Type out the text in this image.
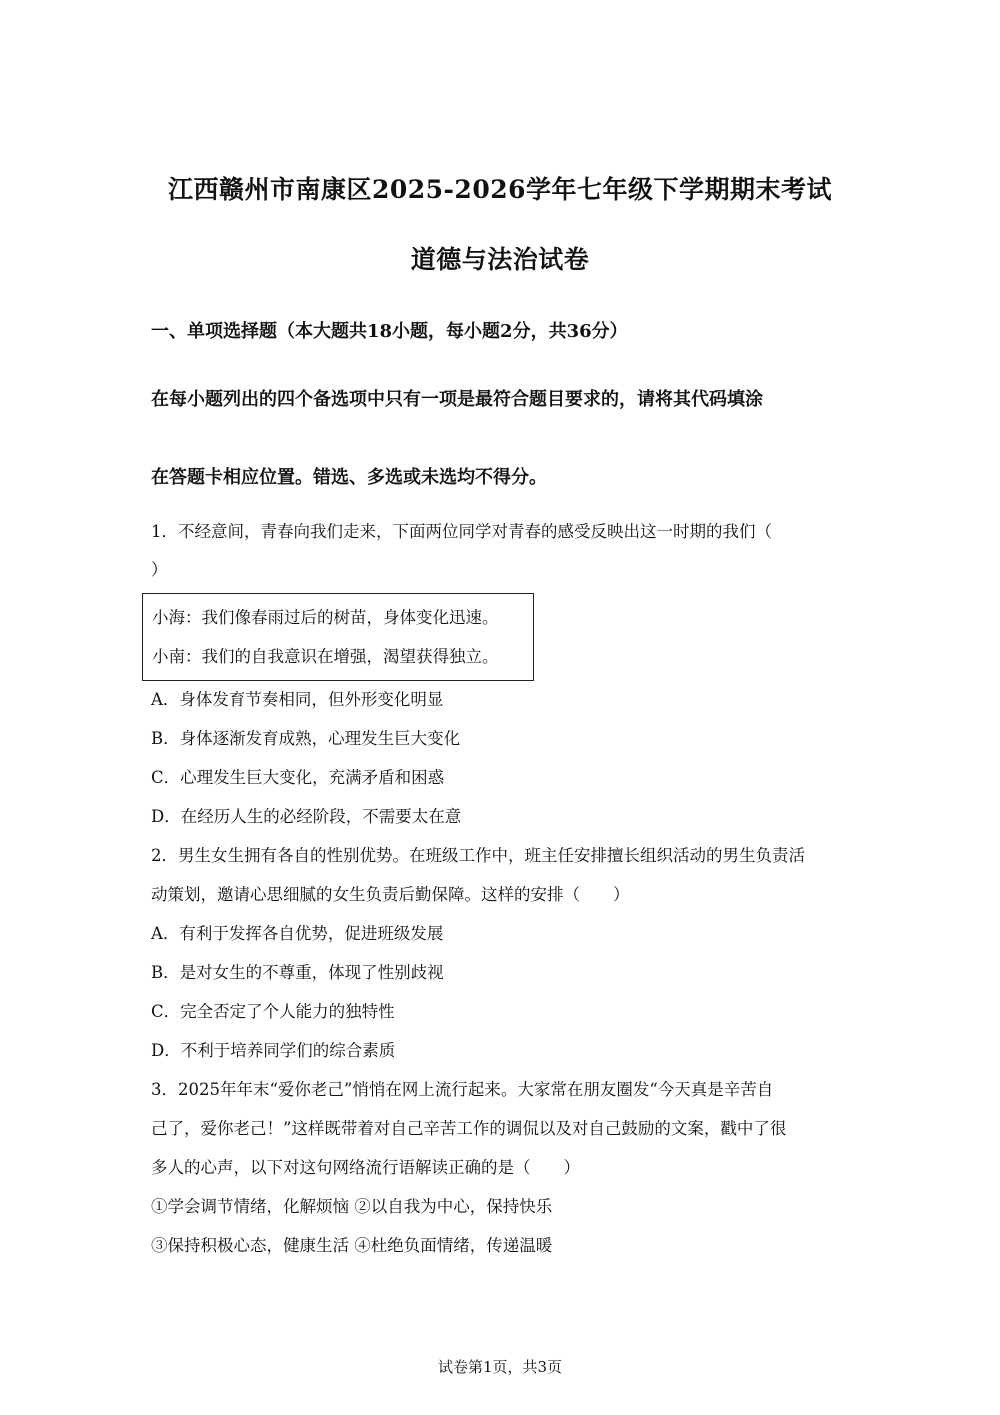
江西赣州市南康区2025-2026学年七年级下学期期末考试
道德与法治试卷
一、单项选择题（本大题共18小题，每小题2分，共36分）
在每小题列出的四个备选项中只有一项是最符合题目要求的，请将其代码填涂
在答题卡相应位置。错选、多选或未选均不得分。
1．不经意间，青春向我们走来，下面两位同学对青春的感受反映出这一时期的我们（
）
小海：我们像春雨过后的树苗，身体变化迅速。
小南：我们的自我意识在增强，渴望获得独立。
A．身体发育节奏相同，但外形变化明显
B．身体逐渐发育成熟，心理发生巨大变化
C．心理发生巨大变化，充满矛盾和困惑
D．在经历人生的必经阶段，不需要太在意
2．男生女生拥有各自的性别优势。在班级工作中，班主任安排擅长组织活动的男生负责活
动策划，邀请心思细腻的女生负责后勤保障。这样的安排（　　）
A．有利于发挥各自优势，促进班级发展
B．是对女生的不尊重，体现了性别歧视
C．完全否定了个人能力的独特性
D．不利于培养同学们的综合素质
3．2025年年末“爱你老己”悄悄在网上流行起来。大家常在朋友圈发“今天真是辛苦自
己了，爱你老己！”这样既带着对自己辛苦工作的调侃以及对自己鼓励的文案，戳中了很
多人的心声，以下对这句网络流行语解读正确的是（　　）
①学会调节情绪，化解烦恼 ②以自我为中心，保持快乐
③保持积极心态，健康生活 ④杜绝负面情绪，传递温暖
试卷第1页，共3页
